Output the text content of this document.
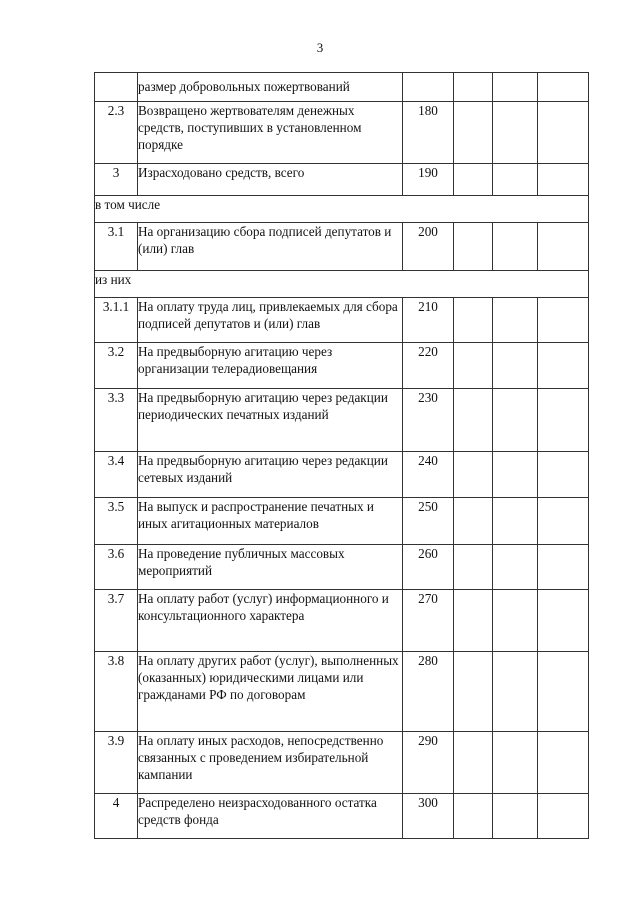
3
	размер добровольных пожертвований				
2.3	Возвращено жертвователям денежных средств, поступивших в установленном порядке	180			
3	Израсходовано средств, всего	190			
в том числе					
3.1	На организацию сбора подписей депутатов и (или) глав	200			
из них					
3.1.1	На оплату труда лиц, привлекаемых для сбора подписей депутатов и (или) глав	210			
3.2	На предвыборную агитацию через организации телерадиовещания	220			
3.3	На предвыборную агитацию через редакции периодических печатных изданий	230			
3.4	На предвыборную агитацию через редакции сетевых изданий	240			
3.5	На выпуск и распространение печатных и иных агитационных материалов	250			
3.6	На проведение публичных массовых мероприятий	260			
3.7	На оплату работ (услуг) информационного и консультационного характера	270			
3.8	На оплату других работ (услуг), выполненных (оказанных) юридическими лицами или гражданами РФ по договорам	280			
3.9	На оплату иных расходов, непосредственно связанных с проведением избирательной кампании	290			
4	Распределено неизрасходованного остатка средств фонда	300			
